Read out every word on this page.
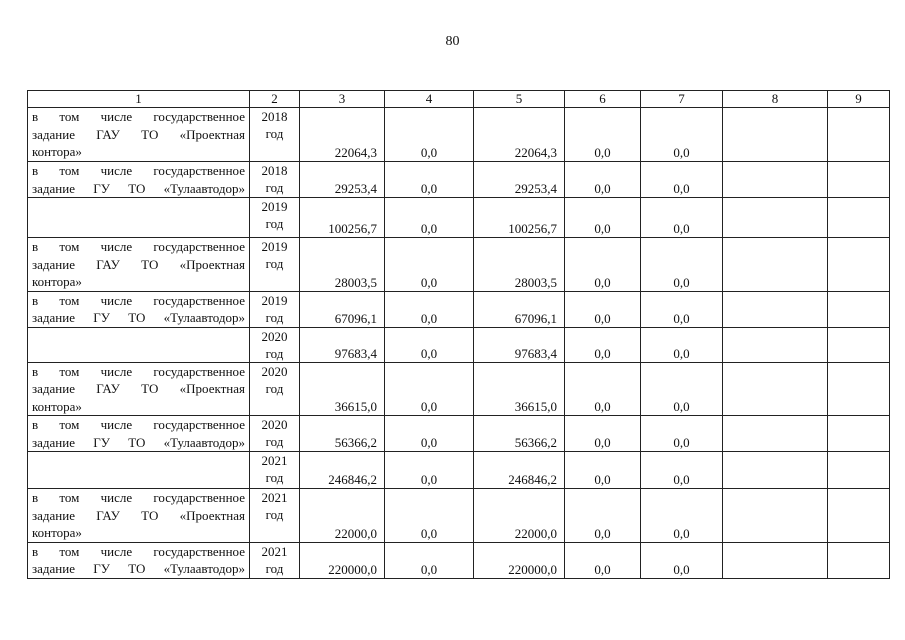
80
1	2	3	4	5	6	7	8	9

в том числе государственное
задание ГАУ ТО «Проектная
контора»	2018
год	22064,3	0,0	22064,3	0,0	0,0		

в том числе государственное
задание ГУ ТО «Тулаавтодор»	2018
год	29253,4	0,0	29253,4	0,0	0,0		

	2019
год	100256,7	0,0	100256,7	0,0	0,0		

в том числе государственное
задание ГАУ ТО «Проектная
контора»	2019
год	28003,5	0,0	28003,5	0,0	0,0		

в том числе государственное
задание ГУ ТО «Тулаавтодор»	2019
год	67096,1	0,0	67096,1	0,0	0,0		

	2020
год	97683,4	0,0	97683,4	0,0	0,0		

в том числе государственное
задание ГАУ ТО «Проектная
контора»	2020
год	36615,0	0,0	36615,0	0,0	0,0		

в том числе государственное
задание ГУ ТО «Тулаавтодор»	2020
год	56366,2	0,0	56366,2	0,0	0,0		

	2021
год	246846,2	0,0	246846,2	0,0	0,0		

в том числе государственное
задание ГАУ ТО «Проектная
контора»	2021
год	22000,0	0,0	22000,0	0,0	0,0		

в том числе государственное
задание ГУ ТО «Тулаавтодор»	2021
год	220000,0	0,0	220000,0	0,0	0,0		
